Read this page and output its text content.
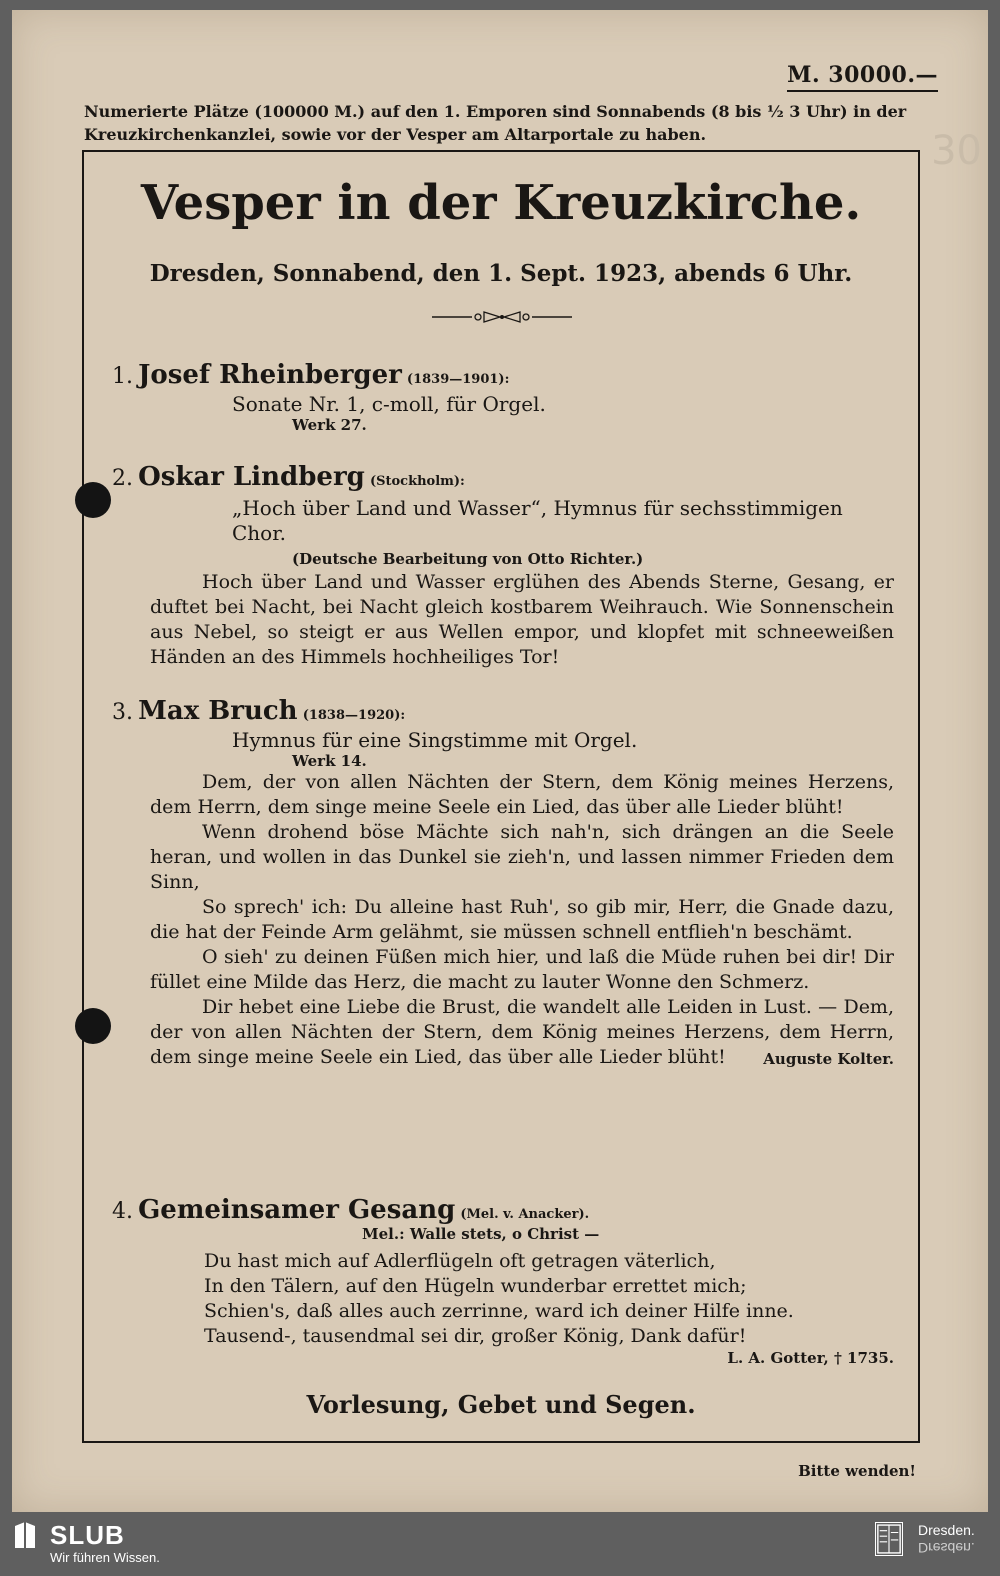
M. 30000.—
30
Numerierte Plätze (100000 M.) auf den 1. Emporen sind Sonnabends (8 bis ½ 3 Uhr) in der Kreuzkirchenkanzlei, sowie vor der Vesper am Altarportale zu haben.
Vesper in der Kreuzkirche.
Dresden, Sonnabend, den 1. Sept. 1923, abends 6 Uhr.
1. Josef Rheinberger (1839—1901):
Sonate Nr. 1, c-moll, für Orgel.
Werk 27.
2. Oskar Lindberg (Stockholm):
„Hoch über Land und Wasser“, Hymnus für sechsstimmigen Chor.
(Deutsche Bearbeitung von Otto Richter.)
Hoch über Land und Wasser erglühen des Abends Sterne, Gesang, er duftet bei Nacht, bei Nacht gleich kostbarem Weihrauch. Wie Sonnenschein aus Nebel, so steigt er aus Wellen empor, und klopfet mit schneeweißen Händen an des Himmels hochheiliges Tor!
3. Max Bruch (1838—1920):
Hymnus für eine Singstimme mit Orgel.
Werk 14.
Dem, der von allen Nächten der Stern, dem König meines Herzens, dem Herrn, dem singe meine Seele ein Lied, das über alle Lieder blüht!
Wenn drohend böse Mächte sich nah'n, sich drängen an die Seele heran, und wollen in das Dunkel sie zieh'n, und lassen nimmer Frieden dem Sinn,
So sprech' ich: Du alleine hast Ruh', so gib mir, Herr, die Gnade dazu, die hat der Feinde Arm gelähmt, sie müssen schnell entflieh'n beschämt.
O sieh' zu deinen Füßen mich hier, und laß die Müde ruhen bei dir! Dir füllet eine Milde das Herz, die macht zu lauter Wonne den Schmerz.
Dir hebet eine Liebe die Brust, die wandelt alle Leiden in Lust. — Dem, der von allen Nächten der Stern, dem König meines Herzens, dem Herrn, dem singe meine Seele ein Lied, das über alle Lieder blüht!	Auguste Kolter.
4. Gemeinsamer Gesang (Mel. v. Anacker).
Mel.: Walle stets, o Christ —
Du hast mich auf Adlerflügeln oft getragen väterlich,
In den Tälern, auf den Hügeln wunderbar errettet mich;
Schien's, daß alles auch zerrinne, ward ich deiner Hilfe inne.
Tausend-, tausendmal sei dir, großer König, Dank dafür!
L. A. Gotter, † 1735.
Vorlesung, Gebet und Segen.
Bitte wenden!
SLUB
Wir führen Wissen.
Dresden.
Dresden.
